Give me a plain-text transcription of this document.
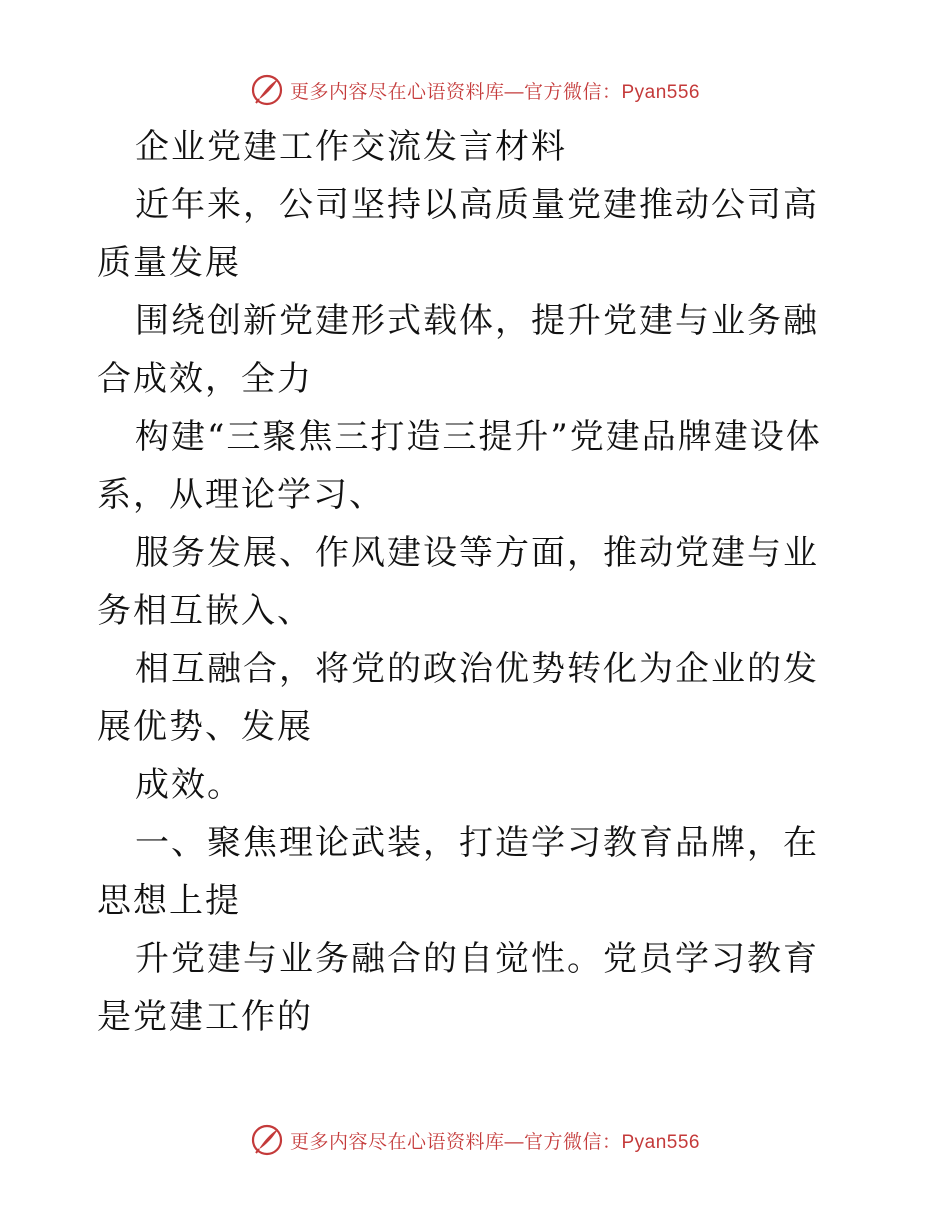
更多内容尽在心语资料库—官方微信：Pyan556

企业党建工作交流发言材料

近年来，公司坚持以高质量党建推动公司高质量发展

围绕创新党建形式载体，提升党建与业务融合成效，全力

构建“三聚焦三打造三提升”党建品牌建设体系，从理论学习、

服务发展、作风建设等方面，推动党建与业务相互嵌入、

相互融合，将党的政治优势转化为企业的发展优势、发展

成效。

一、聚焦理论武装，打造学习教育品牌，在思想上提

升党建与业务融合的自觉性。党员学习教育是党建工作的

更多内容尽在心语资料库—官方微信：Pyan556
